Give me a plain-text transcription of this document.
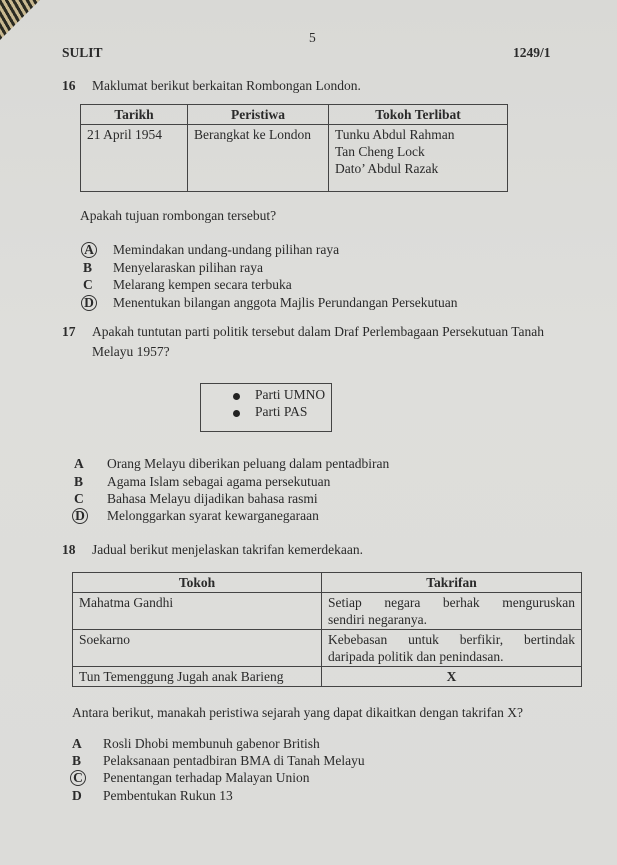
5
SULIT	1249/1
16 Maklumat berikut berkaitan Rombongan London.
Tarikh	Peristiwa	Tokoh Terlibat
21 April 1954	Berangkat ke London	Tunku Abdul Rahman
Tan Cheng Lock
Dato’ Abdul Razak
Apakah tujuan rombongan tersebut?
A Memindakan undang-undang pilihan raya
B Menyelaraskan pilihan raya
C Melarang kempen secara terbuka
D Menentukan bilangan anggota Majlis Perundangan Persekutuan
17 Apakah tuntutan parti politik tersebut dalam Draf Perlembagaan Persekutuan Tanah
Melayu 1957?
Parti UMNO
Parti PAS
A Orang Melayu diberikan peluang dalam pentadbiran
B Agama Islam sebagai agama persekutuan
C Bahasa Melayu dijadikan bahasa rasmi
D Melonggarkan syarat kewarganegaraan
18 Jadual berikut menjelaskan takrifan kemerdekaan.
Tokoh	Takrifan
Mahatma Gandhi	Setiap negara berhak menguruskan
sendiri negaranya.

Soekarno	Kebebasan untuk berfikir, bertindak
daripada politik dan penindasan.

Tun Temenggung Jugah anak Barieng	X
Antara berikut, manakah peristiwa sejarah yang dapat dikaitkan dengan takrifan X?
A Rosli Dhobi membunuh gabenor British
B Pelaksanaan pentadbiran BMA di Tanah Melayu
C Penentangan terhadap Malayan Union
D Pembentukan Rukun 13
